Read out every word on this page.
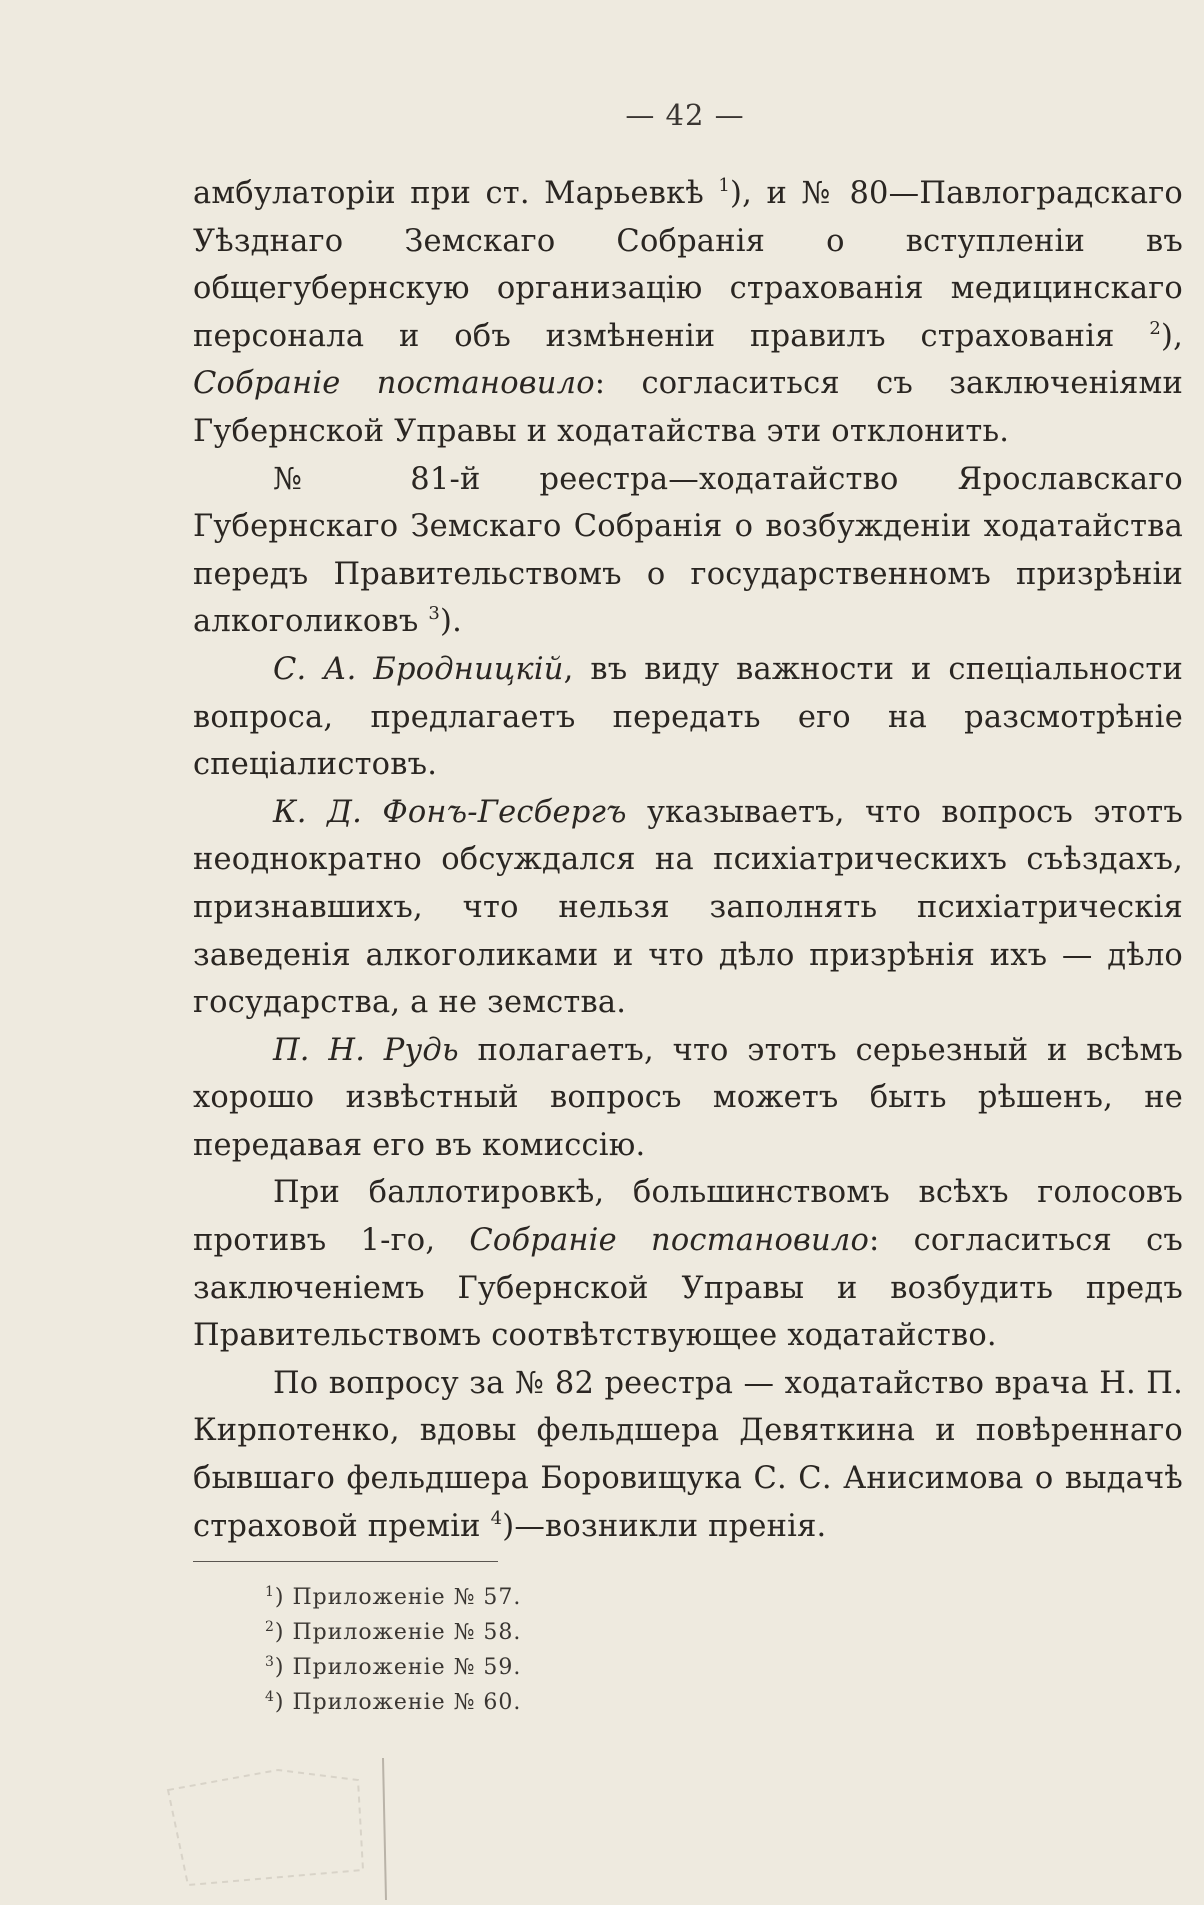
— 42 —

амбулаторіи при ст. Марьевкѣ $^1$), и № 80—Павлоградскаго Уѣзднаго Земскаго Собранія о вступленіи въ общегубернскую организацію страхованія медицинскаго персонала и объ измѣненіи правилъ страхованія $^2$), Собраніе постановило: согласиться съ заключеніями Губернской Управы и ходатайства эти отклонить.

№ 81-й реестра—ходатайство Ярославскаго Губернскаго Земскаго Собранія о возбужденіи ходатайства передъ Правительствомъ о государственномъ призрѣніи алкоголиковъ $^3$).

С. А. Бродницкій, въ виду важности и спеціальности вопроса, предлагаетъ передать его на разсмотрѣніе спеціалистовъ.

К. Д. Фонъ-Гесбергъ указываетъ, что вопросъ этотъ неоднократно обсуждался на психіатрическихъ съѣздахъ, признавшихъ, что нельзя заполнять психіатрическія заведенія алкоголиками и что дѣло призрѣнія ихъ — дѣло государства, а не земства.

П. Н. Рудь полагаетъ, что этотъ серьезный и всѣмъ хорошо извѣстный вопросъ можетъ быть рѣшенъ, не передавая его въ комиссію.

При баллотировкѣ, большинствомъ всѣхъ голосовъ противъ 1-го, Собраніе постановило: согласиться съ заключеніемъ Губернской Управы и возбудить предъ Правительствомъ соотвѣтствующее ходатайство.

По вопросу за № 82 реестра — ходатайство врача Н. П. Кирпотенко, вдовы фельдшера Девяткина и повѣреннаго бывшаго фельдшера Боровищука С. С. Анисимова о выдачѣ страховой преміи $^4$)—возникли пренія.

$^1$) Приложеніе № 57.
$^2$) Приложеніе № 58.
$^3$) Приложеніе № 59.
$^4$) Приложеніе № 60.
